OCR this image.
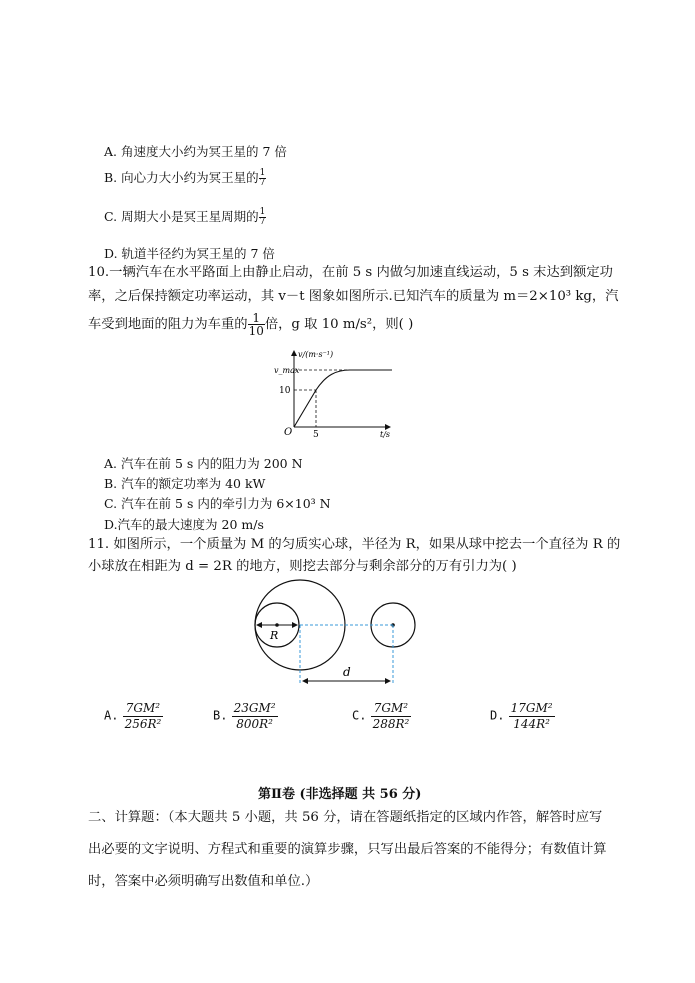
A. 角速度大小约为冥王星的 7 倍
B. 向心力大小约为冥王星的 $\frac{1}{7}$
C. 周期大小是冥王星周期的 $\frac{1}{7}$
D. 轨道半径约为冥王星的 7 倍
10.一辆汽车在水平路面上由静止启动，在前 5 s 内做匀加速直线运动，5 s 末达到额定功
率，之后保持额定功率运动，其 v－t 图象如图所示.已知汽车的质量为 m＝2×10³ kg，汽
车受到地面的阻力为车重的 $\frac{1}{10}$ 倍，g 取 10 m/s²，则( )
v/(m·s⁻¹)
v_max
10
5
O	t/s
A. 汽车在前 5 s 内的阻力为 200 N
B. 汽车的额定功率为 40 kW
C. 汽车在前 5 s 内的牵引力为 6×10³ N
D.汽车的最大速度为 20 m/s
11. 如图所示，一个质量为 M 的匀质实心球，半径为 R，如果从球中挖去一个直径为 R 的
小球放在相距为 d = 2R 的地方，则挖去部分与剩余部分的万有引力为( )
R
d
A. $\frac{\text{7GM²}}{\text{256R²}}$	B. $\frac{\text{23GM²}}{\text{800R²}}$	C. $\frac{\text{7GM²}}{\text{288R²}}$	D. $\frac{\text{17GM²}}{\text{144R²}}$
第Ⅱ卷 (非选择题 共 56 分)
二、计算题：（本大题共 5 小题，共 56 分，请在答题纸指定的区域内作答，解答时应写
出必要的文字说明、方程式和重要的演算步骤，只写出最后答案的不能得分；有数值计算
时，答案中必须明确写出数值和单位.）
